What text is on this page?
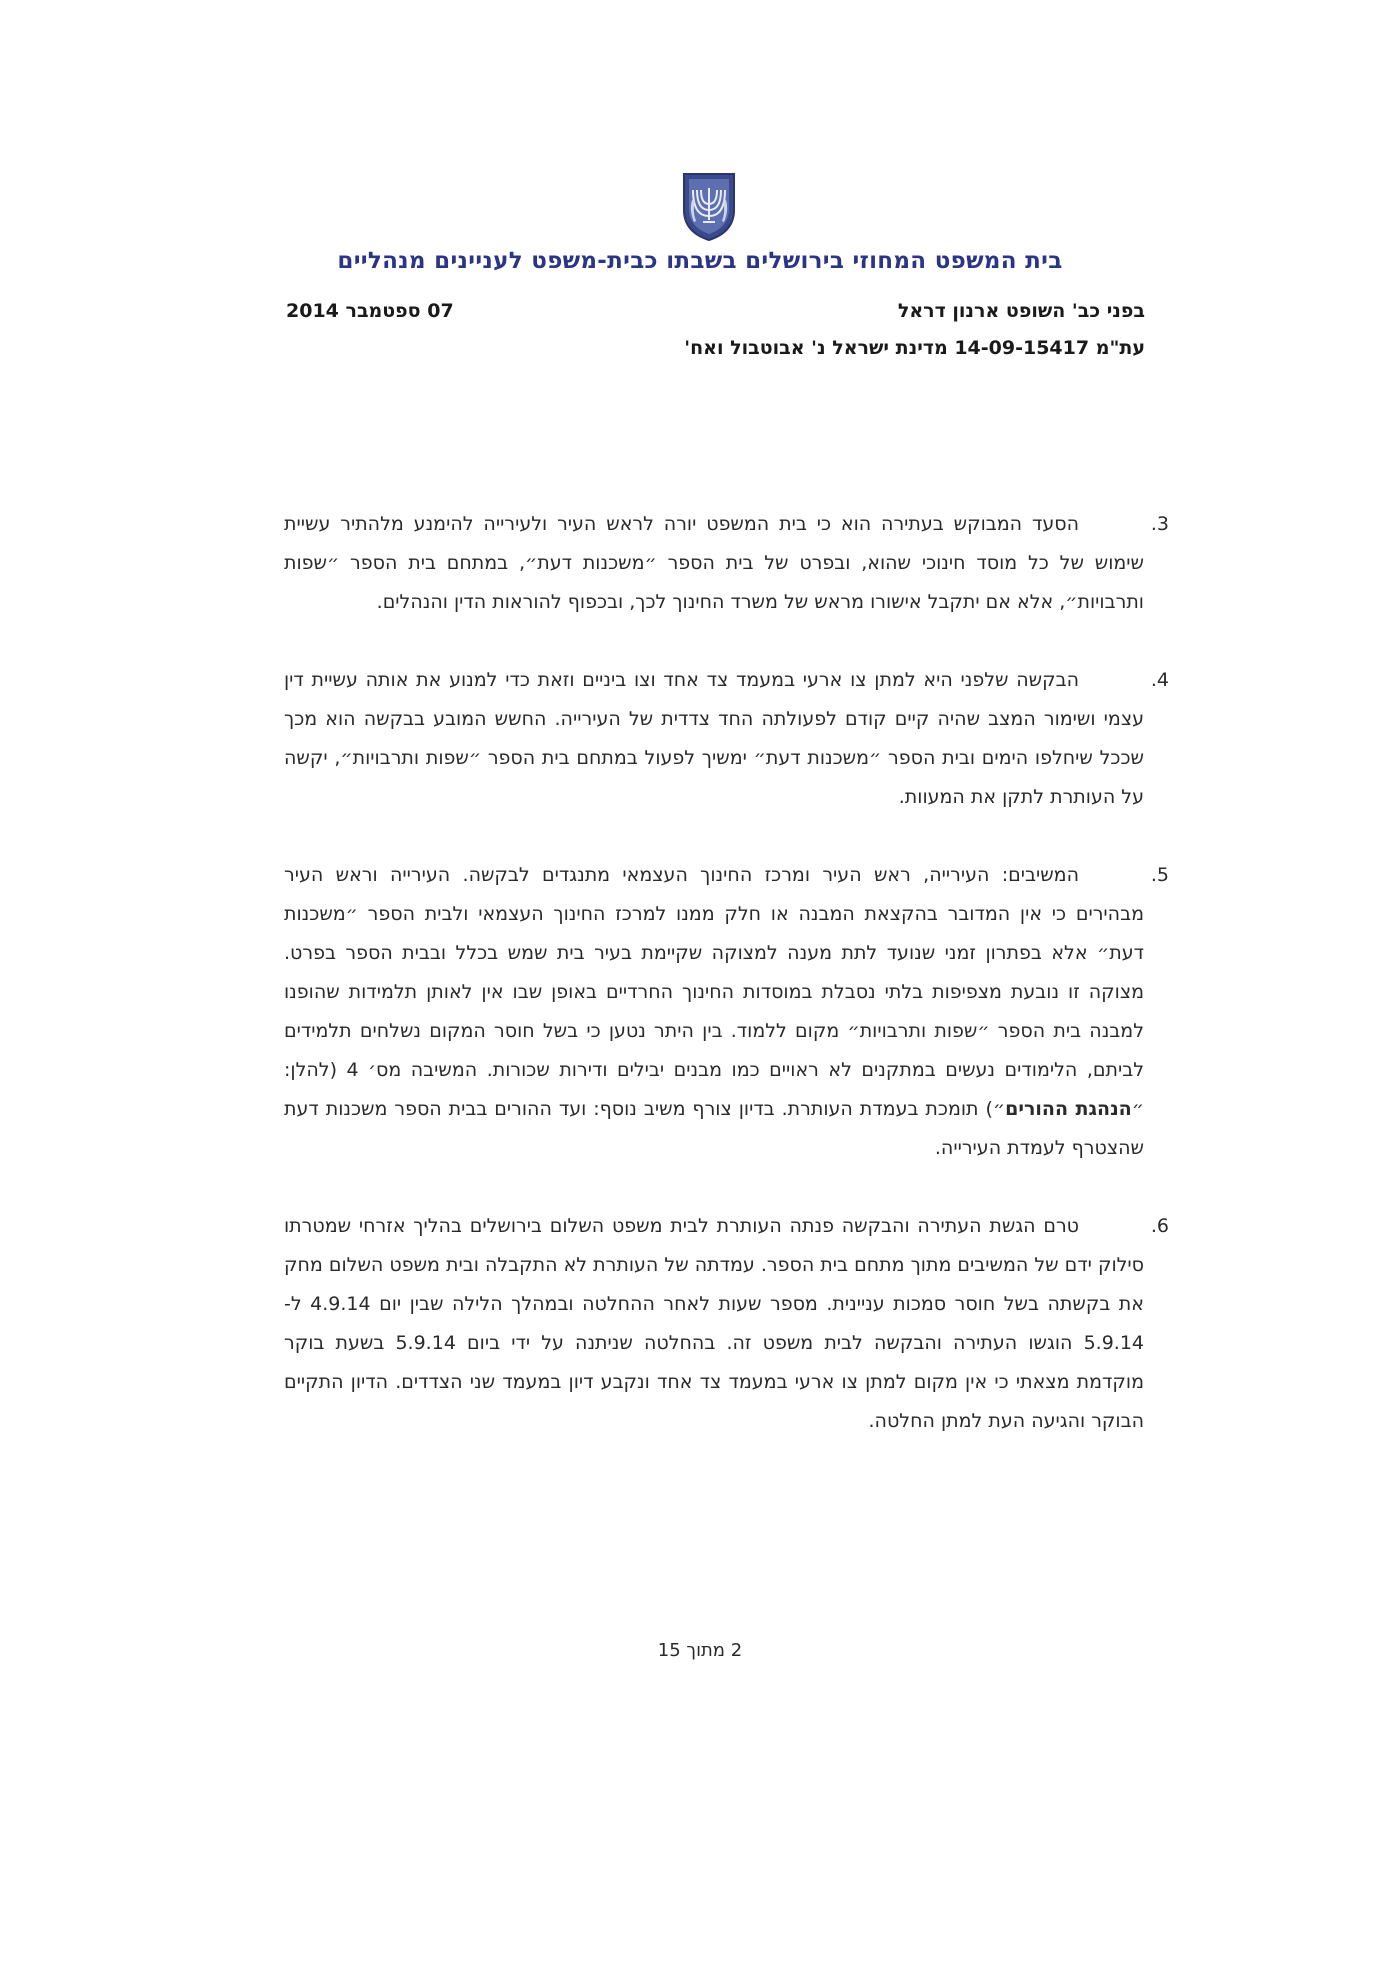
בית המשפט המחוזי בירושלים בשבתו כבית-משפט לעניינים מנהליים
בפני כב' השופט ארנון דראל
07 ספטמבר 2014
עת"מ 14-09-15417 מדינת ישראל נ' אבוטבול ואח'
3.
הסעד המבוקש בעתירה הוא כי בית המשפט יורה לראש העיר ולעירייה להימנע מלהתיר עשיית שימוש של כל מוסד חינוכי שהוא, ובפרט של בית הספר ״משכנות דעת״, במתחם בית הספר ״שפות ותרבויות״, אלא אם יתקבל אישורו מראש של משרד החינוך לכך, ובכפוף להוראות הדין והנהלים.
4.
הבקשה שלפני היא למתן צו ארעי במעמד צד אחד וצו ביניים וזאת כדי למנוע את אותה עשיית דין עצמי ושימור המצב שהיה קיים קודם לפעולתה החד צדדית של העירייה. החשש המובע בבקשה הוא מכך שככל שיחלפו הימים ובית הספר ״משכנות דעת״ ימשיך לפעול במתחם בית הספר ״שפות ותרבויות״, יקשה על העותרת לתקן את המעוות.
5.
המשיבים: העירייה, ראש העיר ומרכז החינוך העצמאי מתנגדים לבקשה. העירייה וראש העיר מבהירים כי אין המדובר בהקצאת המבנה או חלק ממנו למרכז החינוך העצמאי ולבית הספר ״משכנות דעת״ אלא בפתרון זמני שנועד לתת מענה למצוקה שקיימת בעיר בית שמש בכלל ובבית הספר בפרט. מצוקה זו נובעת מצפיפות בלתי נסבלת במוסדות החינוך החרדיים באופן שבו אין לאותן תלמידות שהופנו למבנה בית הספר ״שפות ותרבויות״ מקום ללמוד. בין היתר נטען כי בשל חוסר המקום נשלחים תלמידים לביתם, הלימודים נעשים במתקנים לא ראויים כמו מבנים יבילים ודירות שכורות. המשיבה מס׳ 4 (להלן: ״הנהגת ההורים״) תומכת בעמדת העותרת. בדיון צורף משיב נוסף: ועד ההורים בבית הספר משכנות דעת שהצטרף לעמדת העירייה.
6.
טרם הגשת העתירה והבקשה פנתה העותרת לבית משפט השלום בירושלים בהליך אזרחי שמטרתו סילוק ידם של המשיבים מתוך מתחם בית הספר. עמדתה של העותרת לא התקבלה ובית משפט השלום מחק את בקשתה בשל חוסר סמכות עניינית. מספר שעות לאחר ההחלטה ובמהלך הלילה שבין יום 4.9.14 ל- 5.9.14 הוגשו העתירה והבקשה לבית משפט זה. בהחלטה שניתנה על ידי ביום 5.9.14 בשעת בוקר מוקדמת מצאתי כי אין מקום למתן צו ארעי במעמד צד אחד ונקבע דיון במעמד שני הצדדים. הדיון התקיים הבוקר והגיעה העת למתן החלטה.
2 מתוך 15
